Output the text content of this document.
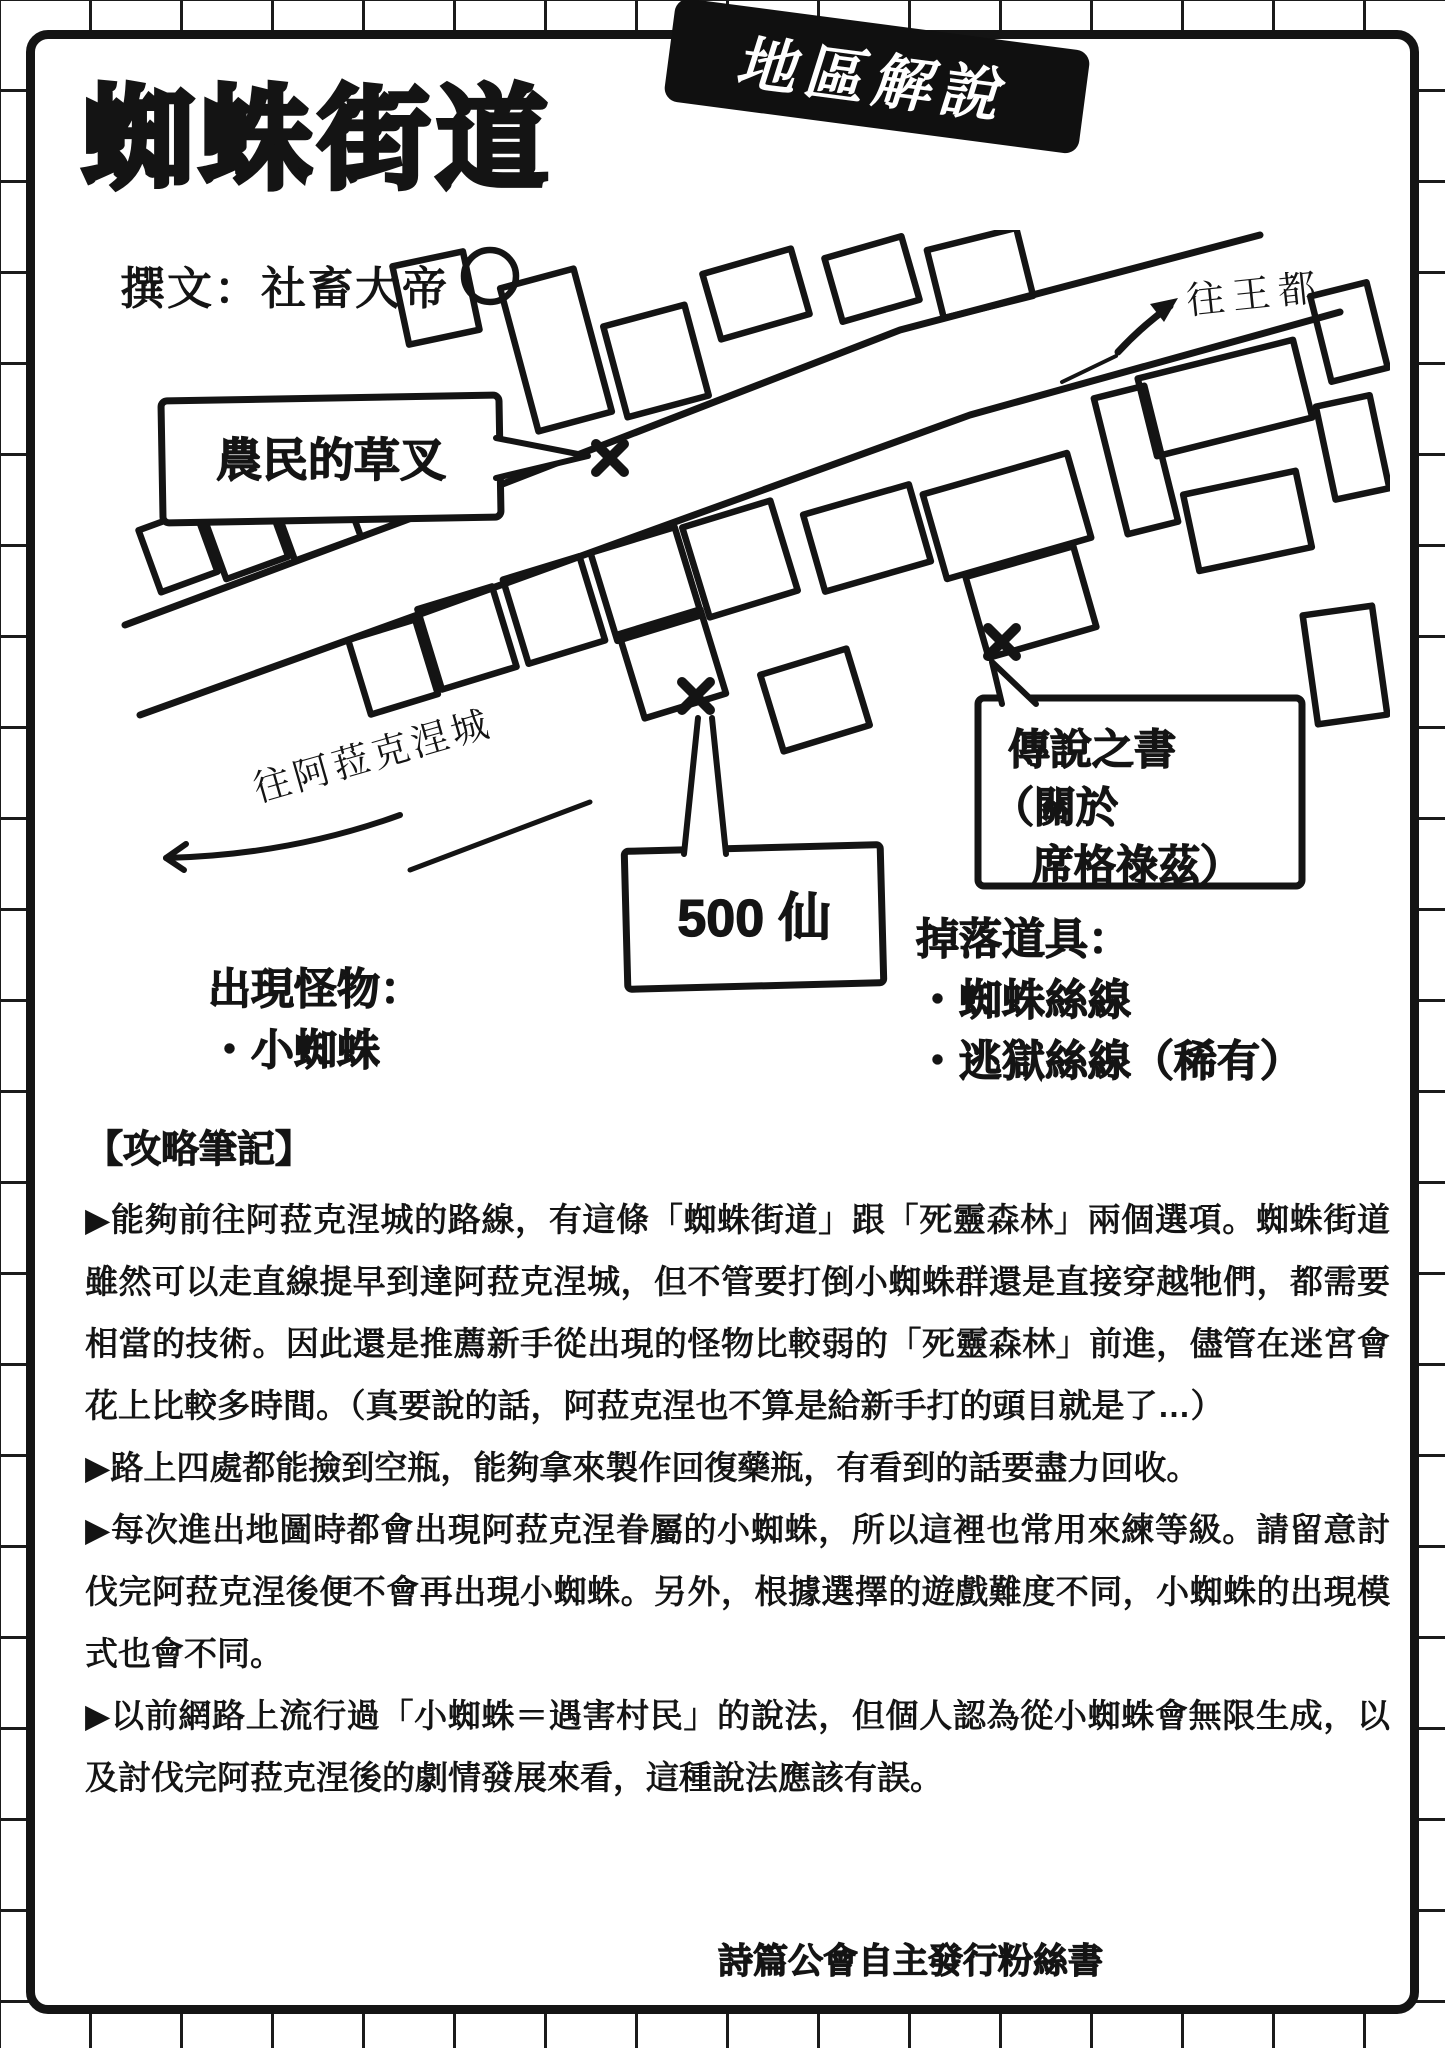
地區解說
蜘蛛街道
撰文：社畜大帝	往王都
往阿菈克涅城
農民的草叉
500 仙
傳說之書
（關於
席格祿茲）
出現怪物：
・小蜘蛛
掉落道具：
・蜘蛛絲線
・逃獄絲線（稀有）
【攻略筆記】

▶能夠前往阿菈克涅城的路線，有這條「蜘蛛街道」跟「死靈森林」兩個選項。蜘蛛街道雖然可以走直線提早到達阿菈克涅城，但不管要打倒小蜘蛛群還是直接穿越牠們，都需要相當的技術。因此還是推薦新手從出現的怪物比較弱的「死靈森林」前進，儘管在迷宮會花上比較多時間。（真要說的話，阿菈克涅也不算是給新手打的頭目就是了…）

▶路上四處都能撿到空瓶，能夠拿來製作回復藥瓶，有看到的話要盡力回收。

▶每次進出地圖時都會出現阿菈克涅眷屬的小蜘蛛，所以這裡也常用來練等級。請留意討伐完阿菈克涅後便不會再出現小蜘蛛。另外，根據選擇的遊戲難度不同，小蜘蛛的出現模式也會不同。

▶以前網路上流行過「小蜘蛛＝遇害村民」的說法，但個人認為從小蜘蛛會無限生成，以及討伐完阿菈克涅後的劇情發展來看，這種說法應該有誤。

詩篇公會自主發行粉絲書
